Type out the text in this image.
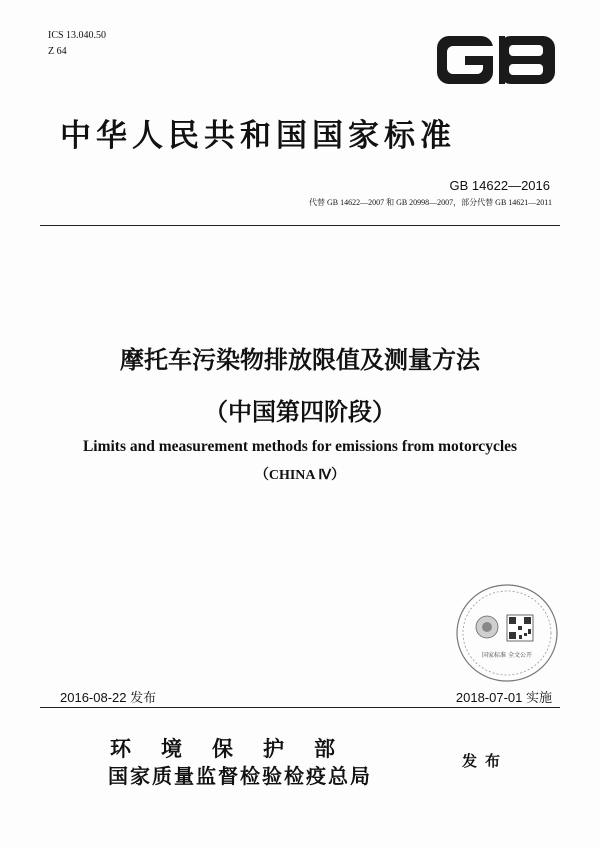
ICS 13.040.50
Z 64
中华人民共和国国家标准
GB 14622—2016
代替 GB 14622—2007 和 GB 20998—2007，部分代替 GB 14621—2011
摩托车污染物排放限值及测量方法
（中国第四阶段）
Limits and measurement methods for emissions from motorcycles
（CHINA Ⅳ）
国家标准 全文公开
2016-08-22 发布	2018-07-01 实施
环境保护部
国家质量监督检验检疫总局
发布
